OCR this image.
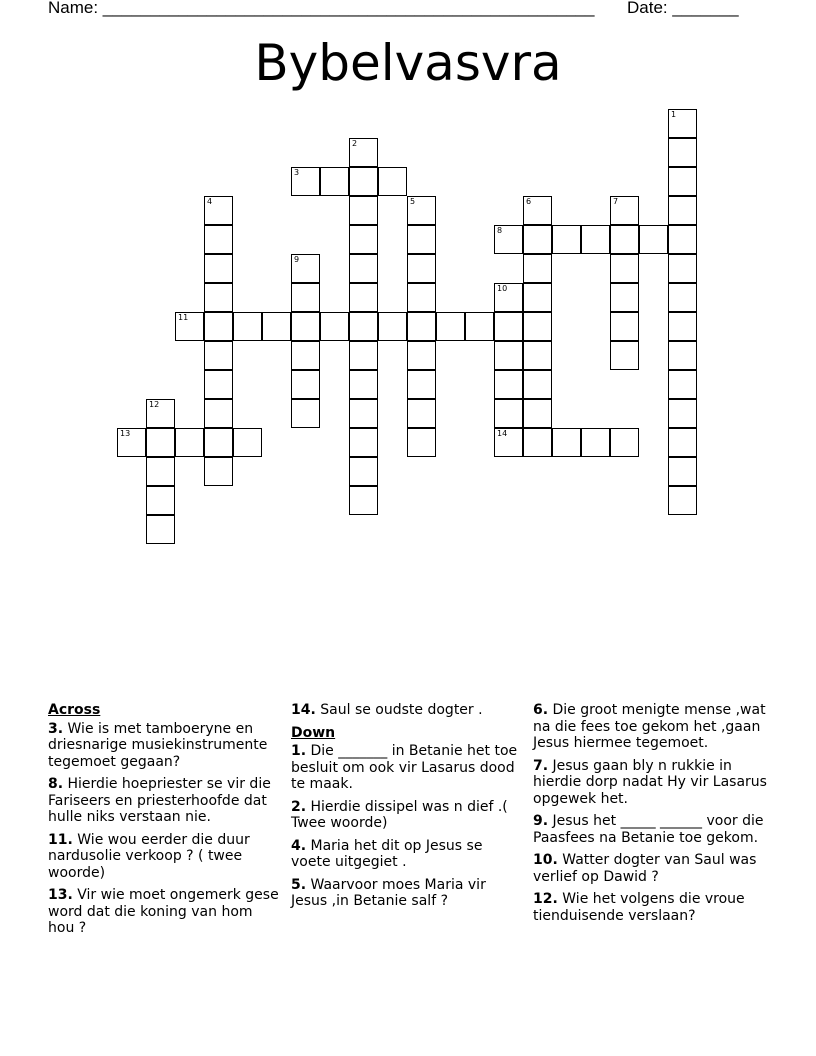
Name: ____________________________________________________ Date: _______
Bybelvasvra
1
2
3
4	5	6	7
8
9
10
11
12
13	14
Across
3. Wie is met tamboeryne en driesnarige musiekinstrumente tegemoet gegaan?
8. Hierdie hoepriester se vir die Fariseers en priesterhoofde dat hulle niks verstaan nie.
11. Wie wou eerder die duur nardusolie verkoop ? ( twee woorde)
13. Vir wie moet ongemerk gese word dat die koning van hom hou ?
14. Saul se oudste dogter .
Down
1. Die _______ in Betanie het toe besluit om ook vir Lasarus dood te maak.
2. Hierdie dissipel was n dief .( Twee woorde)
4. Maria het dit op Jesus se voete uitgegiet .
5. Waarvoor moes Maria vir Jesus ,in Betanie salf ?
6. Die groot menigte mense ,wat na die fees toe gekom het ,gaan Jesus hiermee tegemoet.
7. Jesus gaan bly n rukkie in hierdie dorp nadat Hy vir Lasarus opgewek het.
9. Jesus het _____ ______ voor die Paasfees na Betanie toe gekom.
10. Watter dogter van Saul was verlief op Dawid ?
12. Wie het volgens die vroue tienduisende verslaan?
